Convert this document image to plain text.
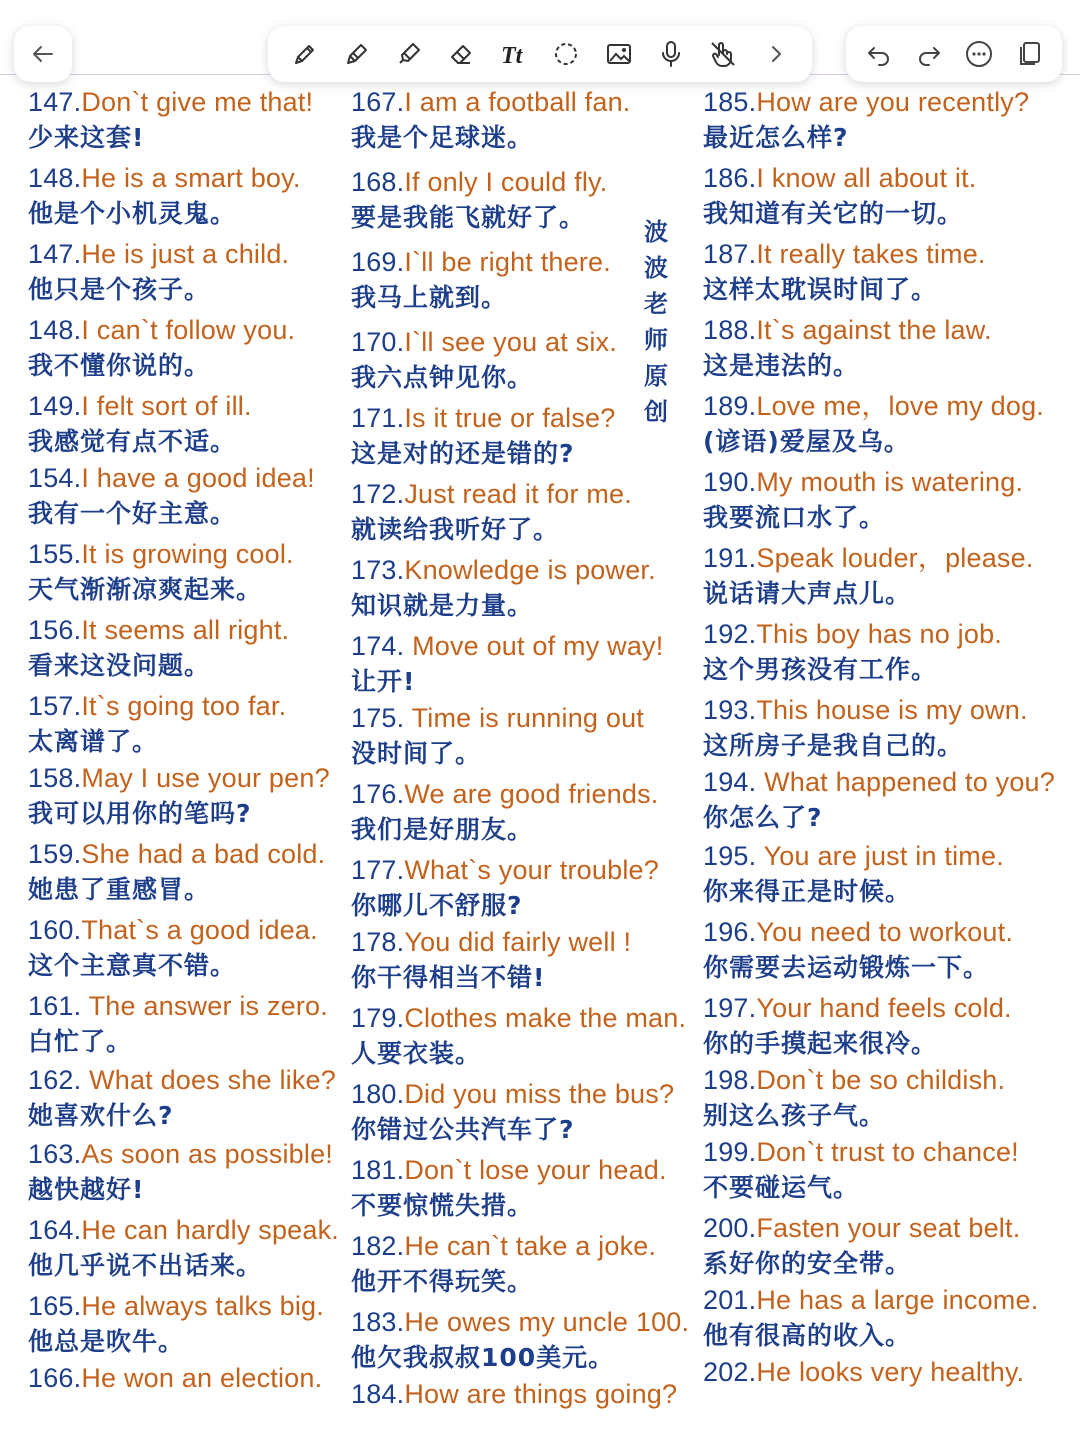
Tt
147.Don`t give me that!
少来这套!
148.He is a smart boy.
他是个小机灵鬼。
147.He is just a child.
他只是个孩子。
148.I can`t follow you.
我不懂你说的。
149.I felt sort of ill.
我感觉有点不适。
154.I have a good idea!
我有一个好主意。
155.It is growing cool.
天气渐渐凉爽起来。
156.It seems all right.
看来这没问题。
157.It`s going too far.
太离谱了。
158.May I use your pen?
我可以用你的笔吗?
159.She had a bad cold.
她患了重感冒。
160.That`s a good idea.
这个主意真不错。
161. The answer is zero.
白忙了。
162. What does she like?
她喜欢什么?
163.As soon as possible!
越快越好!
164.He can hardly speak.
他几乎说不出话来。
165.He always talks big.
他总是吹牛。
166.He won an election.
167.I am a football fan.
我是个足球迷。
168.If only I could fly.
要是我能飞就好了。
169.I`ll be right there.
我马上就到。
170.I`ll see you at six.
我六点钟见你。
171.Is it true or false?
这是对的还是错的?
172.Just read it for me.
就读给我听好了。
173.Knowledge is power.
知识就是力量。
174. Move out of my way!
让开!
175. Time is running out
没时间了。
176.We are good friends.
我们是好朋友。
177.What`s your trouble?
你哪儿不舒服?
178.You did fairly well !
你干得相当不错!
179.Clothes make the man.
人要衣装。
180.Did you miss the bus?
你错过公共汽车了?
181.Don`t lose your head.
不要惊慌失措。
182.He can`t take a joke.
他开不得玩笑。
183.He owes my uncle 100.
他欠我叔叔100美元。
184.How are things going?
185.How are you recently?
最近怎么样?
186.I know all about it.
我知道有关它的一切。
187.It really takes time.
这样太耽误时间了。
188.It`s against the law.
这是违法的。
189.Love me，love my dog.
(谚语)爱屋及乌。
190.My mouth is watering.
我要流口水了。
191.Speak louder，please.
说话请大声点儿。
192.This boy has no job.
这个男孩没有工作。
193.This house is my own.
这所房子是我自己的。
194. What happened to you?
你怎么了?
195. You are just in time.
你来得正是时候。
196.You need to workout.
你需要去运动锻炼一下。
197.Your hand feels cold.
你的手摸起来很冷。
198.Don`t be so childish.
别这么孩子气。
199.Don`t trust to chance!
不要碰运气。
200.Fasten your seat belt.
系好你的安全带。
201.He has a large income.
他有很高的收入。
202.He looks very healthy.
波
波
老
师
原
创
